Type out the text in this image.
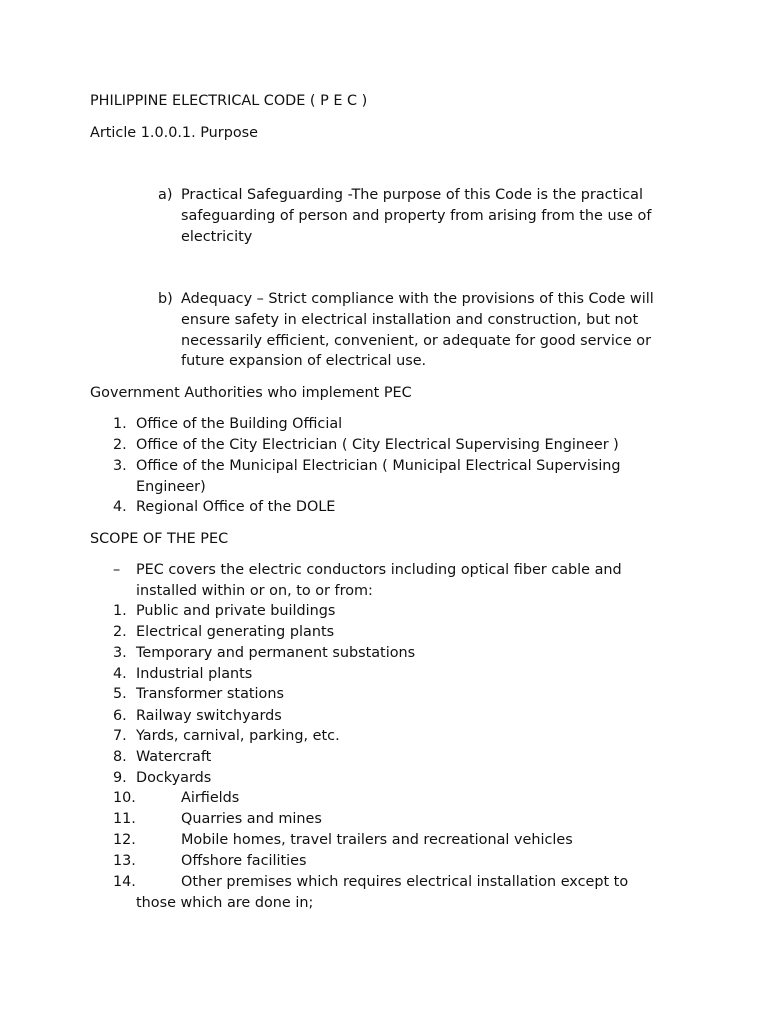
PHILIPPINE ELECTRICAL CODE ( P E C )
Article 1.0.0.1. Purpose
a) Practical Safeguarding -The purpose of this Code is the practical safeguarding of person and property from arising from the use of electricity
b) Adequacy – Strict compliance with the provisions of this Code will ensure safety in electrical installation and construction, but not necessarily efficient, convenient, or adequate for good service or future expansion of electrical use.
Government Authorities who implement PEC
1. Office of the Building Official
2. Office of the City Electrician ( City Electrical Supervising Engineer )
3. Office of the Municipal Electrician ( Municipal Electrical Supervising Engineer)
4. Regional Office of the DOLE
SCOPE OF THE PEC
– PEC covers the electric conductors including optical fiber cable and installed within or on, to or from:
1. Public and private buildings
2. Electrical generating plants
3. Temporary and permanent substations
4. Industrial plants
5. Transformer stations
6. Railway switchyards
7. Yards, carnival, parking, etc.
8. Watercraft
9. Dockyards
10.	Airfields
11.	Quarries and mines
12.	Mobile homes, travel trailers and recreational vehicles
13.	Offshore facilities
14.	Other premises which requires electrical installation except to
those which are done in;
